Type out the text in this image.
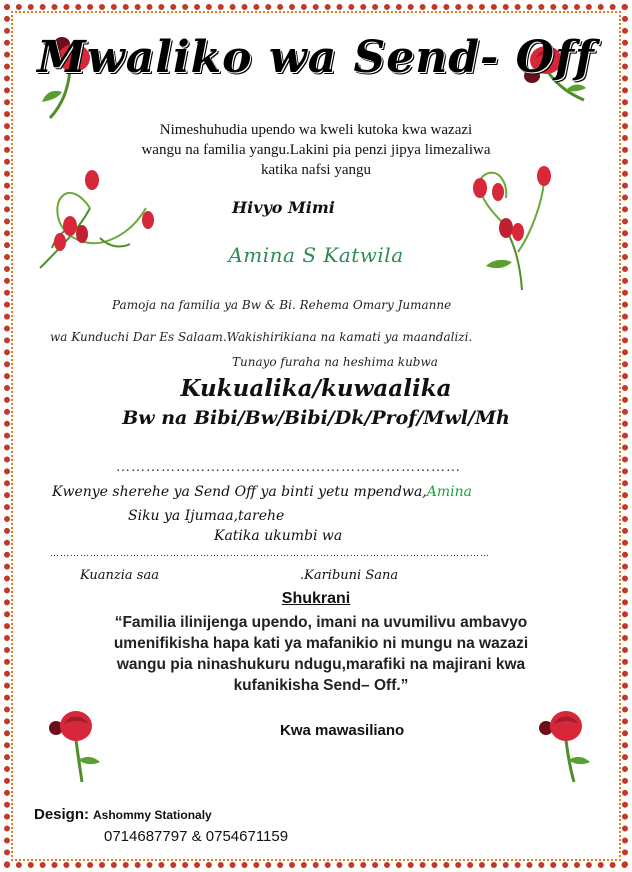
Mwaliko wa Send- Off
Nimeshuhudia upendo wa kweli kutoka kwa wazazi
wangu na familia yangu.Lakini pia penzi jipya limezaliwa
katika nafsi yangu
Hivyo Mimi
Amina S Katwila
Pamoja na familia ya Bw & Bi. Rehema Omary Jumanne
wa Kunduchi Dar Es Salaam.Wakishirikiana na kamati ya maandalizi.
Tunayo furaha na heshima kubwa
Kukualika/kuwaalika
Bw na Bibi/Bw/Bibi/Dk/Prof/Mwl/Mh
……………………………………………………………
Kwenye sherehe ya Send Off ya binti yetu mpendwa,Amina
Siku ya Ijumaa,tarehe
Katika ukumbi wa
……………………………………………………………………………………………………………………
Kuanzia saa	.Karibuni Sana
Shukrani
“Familia ilinijenga upendo, imani na uvumilivu ambavyo
umenifikisha hapa kati ya mafanikio ni mungu na wazazi
wangu pia ninashukuru ndugu,marafiki na majirani kwa
kufanikisha Send– Off.”
Kwa mawasiliano
Design: Ashommy Stationaly
0714687797 & 0754671159
